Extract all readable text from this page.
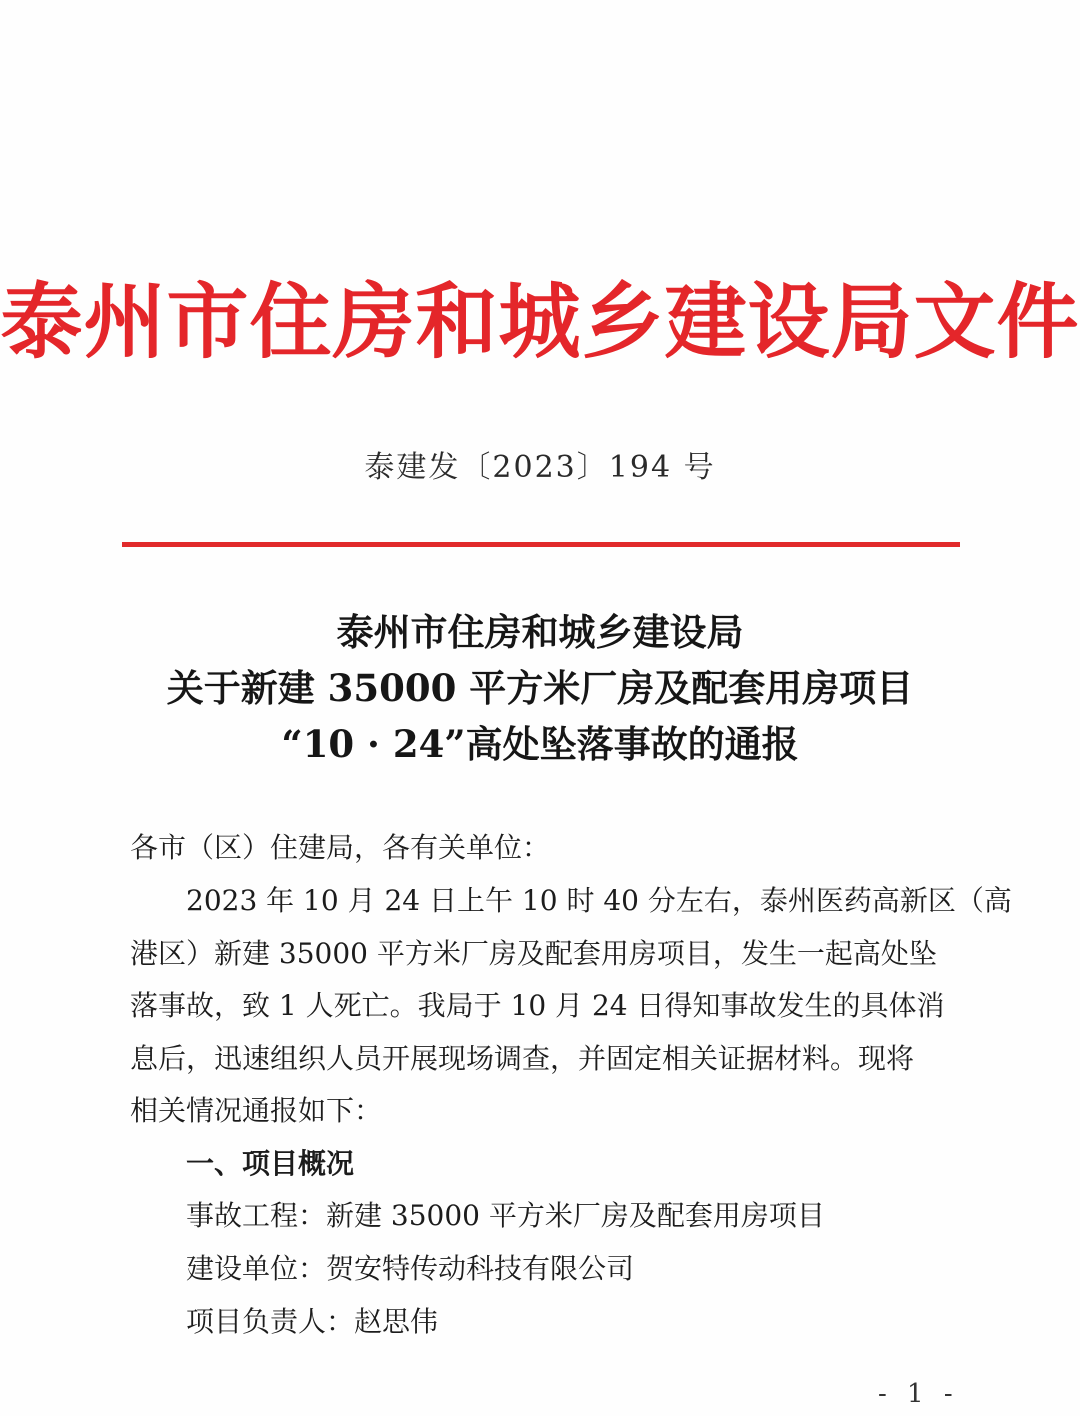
泰州市住房和城乡建设局文件
泰建发〔2023〕194 号
泰州市住房和城乡建设局
关于新建 35000 平方米厂房及配套用房项目
“10 · 24”高处坠落事故的通报
各市（区）住建局，各有关单位：
2023 年 10 月 24 日上午 10 时 40 分左右，泰州医药高新区（高
港区）新建 35000 平方米厂房及配套用房项目，发生一起高处坠
落事故，致 1 人死亡。我局于 10 月 24 日得知事故发生的具体消
息后，迅速组织人员开展现场调查，并固定相关证据材料。现将
相关情况通报如下：
一、项目概况
事故工程：新建 35000 平方米厂房及配套用房项目
建设单位：贺安特传动科技有限公司
项目负责人：赵思伟
- 1 -
